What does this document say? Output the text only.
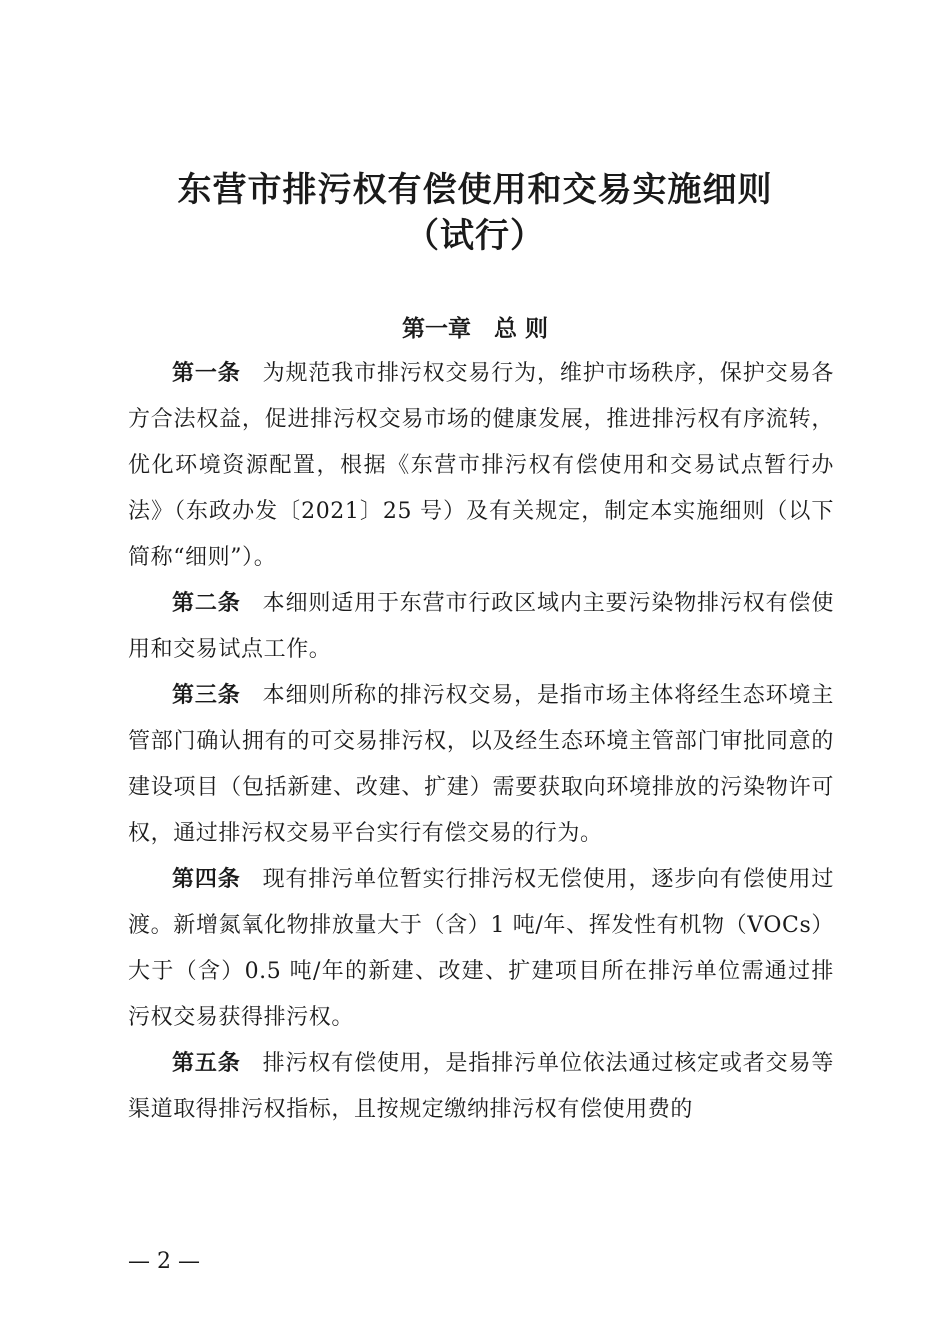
东营市排污权有偿使用和交易实施细则
（试行）
第一章　总 则

第一条 为规范我市排污权交易行为，维护市场秩序，保护交易各方合法权益，促进排污权交易市场的健康发展，推进排污权有序流转，优化环境资源配置，根据《东营市排污权有偿使用和交易试点暂行办法》（东政办发〔2021〕25 号）及有关规定，制定本实施细则（以下简称“细则”）。

第二条 本细则适用于东营市行政区域内主要污染物排污权有偿使用和交易试点工作。

第三条 本细则所称的排污权交易，是指市场主体将经生态环境主管部门确认拥有的可交易排污权，以及经生态环境主管部门审批同意的建设项目（包括新建、改建、扩建）需要获取向环境排放的污染物许可权，通过排污权交易平台实行有偿交易的行为。

第四条 现有排污单位暂实行排污权无偿使用，逐步向有偿使用过渡。新增氮氧化物排放量大于（含）1 吨/年、挥发性有机物（VOCs）大于（含）0.5 吨/年的新建、改建、扩建项目所在排污单位需通过排污权交易获得排污权。

第五条 排污权有偿使用，是指排污单位依法通过核定或者交易等渠道取得排污权指标，且按规定缴纳排污权有偿使用费的

— 2 —
